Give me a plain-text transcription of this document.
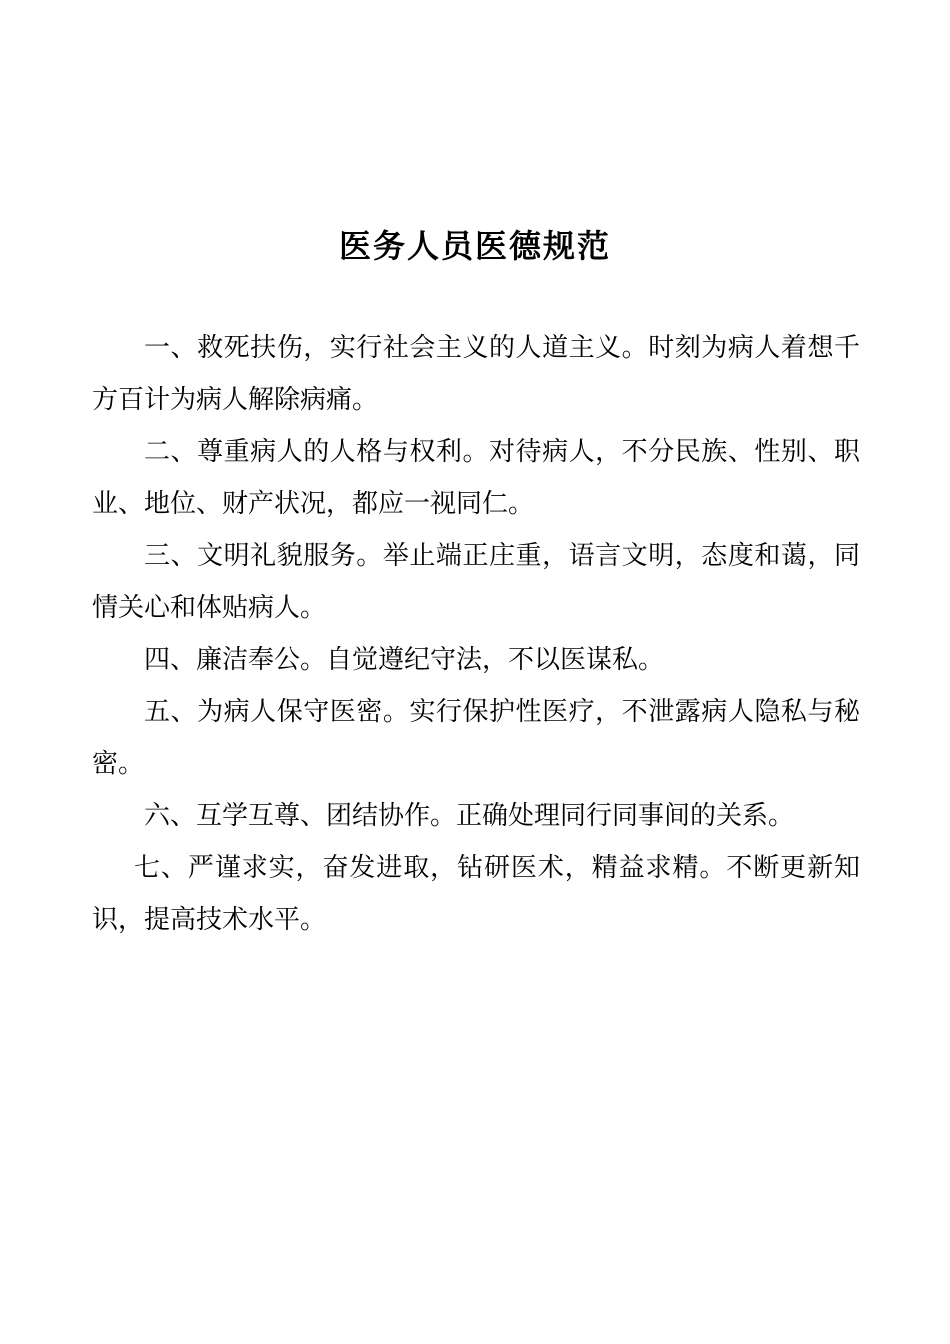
医务人员医德规范

一、救死扶伤，实行社会主义的人道主义。时刻为病人着想千方百计为病人解除病痛。

二、尊重病人的人格与权利。对待病人，不分民族、性别、职业、地位、财产状况，都应一视同仁。

三、文明礼貌服务。举止端正庄重，语言文明，态度和蔼，同情关心和体贴病人。

四、廉洁奉公。自觉遵纪守法，不以医谋私。

五、为病人保守医密。实行保护性医疗，不泄露病人隐私与秘密。

六、互学互尊、团结协作。正确处理同行同事间的关系。

七、严谨求实，奋发进取，钻研医术，精益求精。不断更新知识，提高技术水平。
